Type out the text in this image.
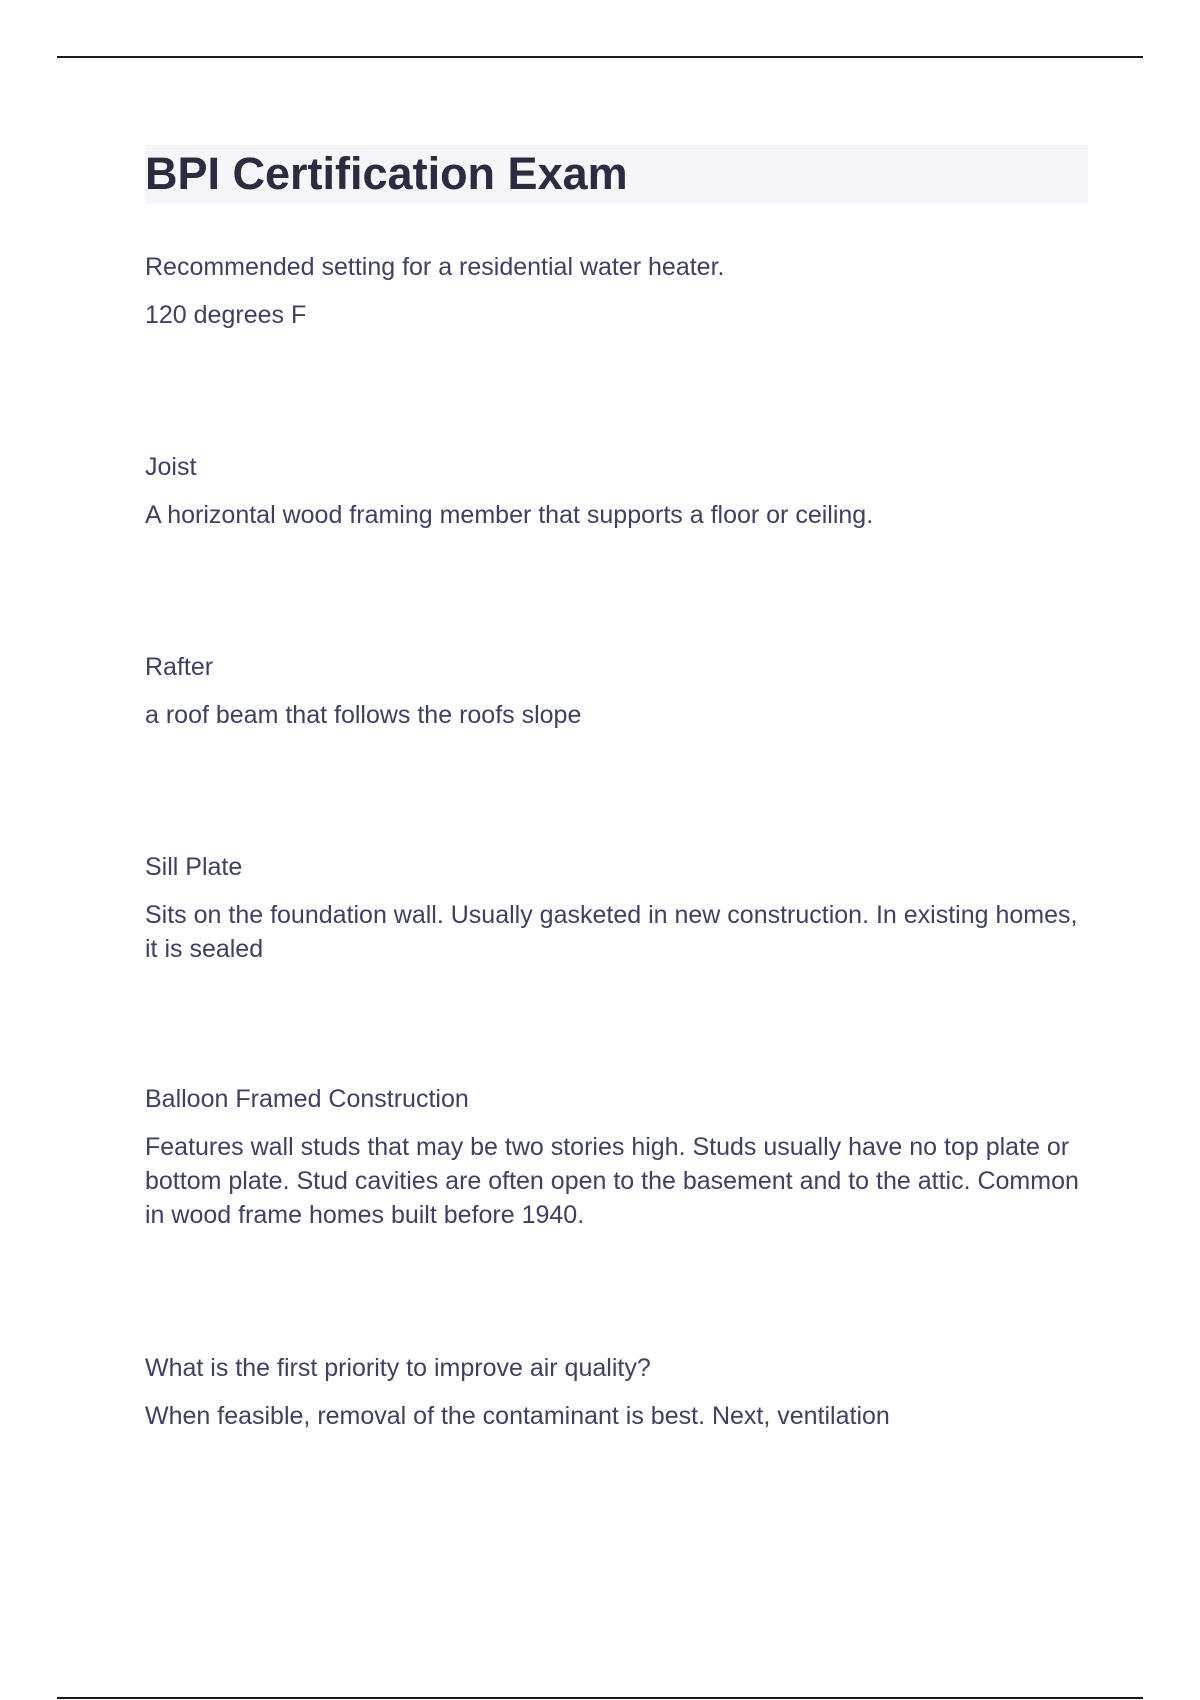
BPI Certification Exam

Recommended setting for a residential water heater.

120 degrees F

Joist

A horizontal wood framing member that supports a floor or ceiling.

Rafter

a roof beam that follows the roofs slope

Sill Plate

Sits on the foundation wall. Usually gasketed in new construction. In existing homes, it is sealed

Balloon Framed Construction

Features wall studs that may be two stories high. Studs usually have no top plate or bottom plate. Stud cavities are often open to the basement and to the attic. Common in wood frame homes built before 1940.

What is the first priority to improve air quality?

When feasible, removal of the contaminant is best. Next, ventilation
